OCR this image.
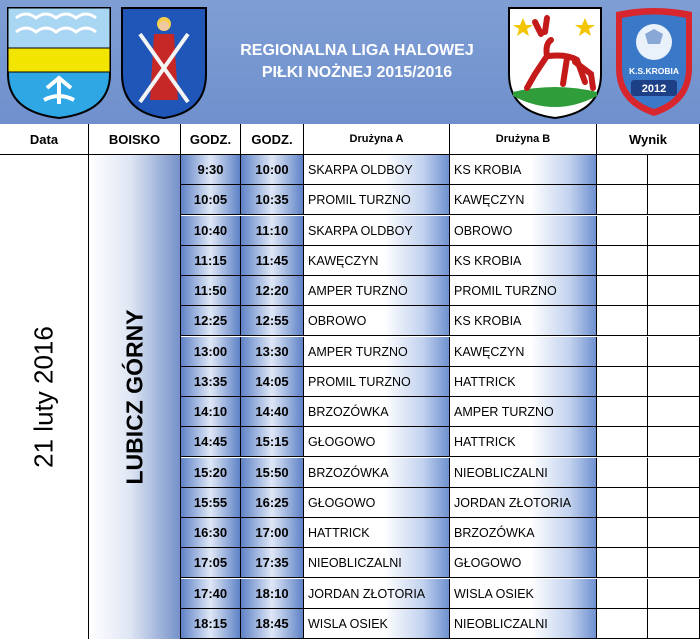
REGIONALNA LIGA HALOWEJ
PIŁKI NOŻNEJ 2015/2016	K.S.KROBIA
2012
Data	BOISKO	GODZ.	GODZ.	Drużyna A	Drużyna B	Wynik
21 luty 2016	LUBICZ GÓRNY
9:30	10:00	SKARPA OLDBOY	KS KROBIA
10:05	10:35	PROMIL TURZNO	KAWĘCZYN
10:40	11:10	SKARPA OLDBOY	OBROWO
11:15	11:45	KAWĘCZYN	KS KROBIA
11:50	12:20	AMPER TURZNO	PROMIL TURZNO
12:25	12:55	OBROWO	KS KROBIA
13:00	13:30	AMPER TURZNO	KAWĘCZYN
13:35	14:05	PROMIL TURZNO	HATTRICK
14:10	14:40	BRZOZÓWKA	AMPER TURZNO
14:45	15:15	GŁOGOWO	HATTRICK
15:20	15:50	BRZOZÓWKA	NIEOBLICZALNI
15:55	16:25	GŁOGOWO	JORDAN ZŁOTORIA
16:30	17:00	HATTRICK	BRZOZÓWKA
17:05	17:35	NIEOBLICZALNI	GŁOGOWO
17:40	18:10	JORDAN ZŁOTORIA	WISLA OSIEK
18:15	18:45	WISLA OSIEK	NIEOBLICZALNI
